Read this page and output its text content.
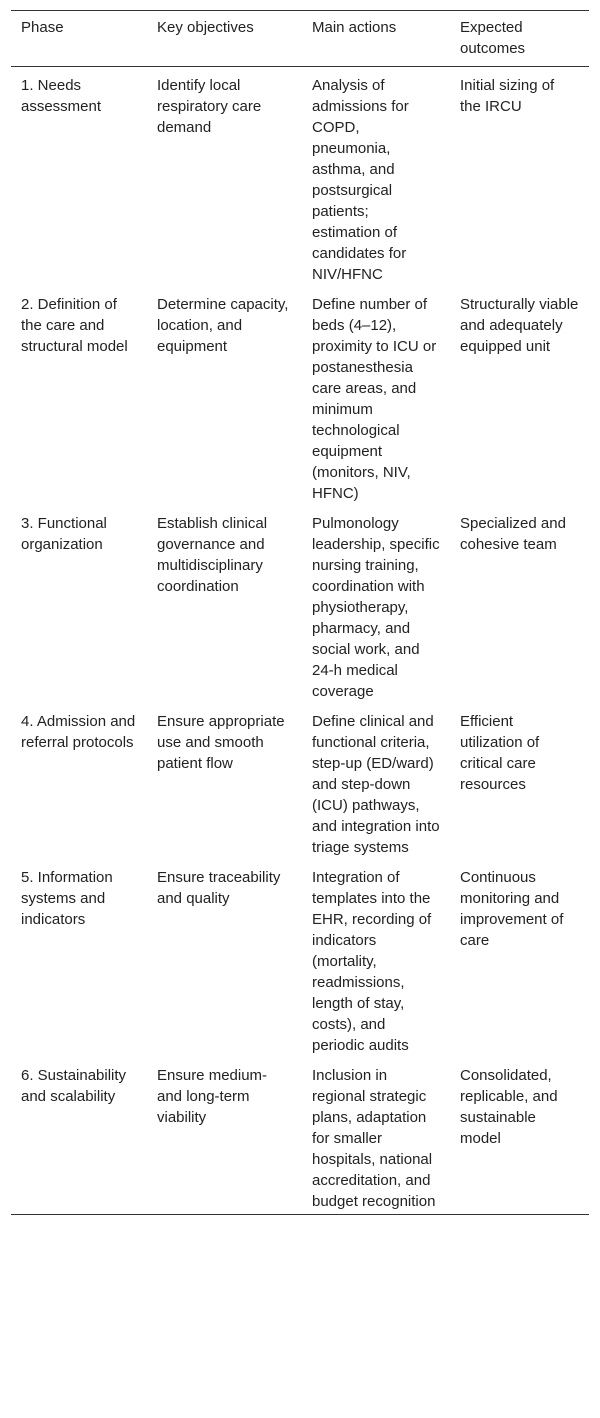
Phase	Key objectives	Main actions	Expected outcomes
1. Needs assessment	Identify local respiratory care demand	Analysis of admissions for COPD, pneumonia, asthma, and postsurgical patients; estimation of candidates for NIV/HFNC	Initial sizing of the IRCU
2. Definition of the care and structural model	Determine capacity, location, and equipment	Define number of beds (4–12), proximity to ICU or postanesthesia care areas, and minimum technological equipment (monitors, NIV, HFNC)	Structurally viable and adequately equipped unit
3. Functional organization	Establish clinical governance and multidisciplinary coordination	Pulmonology leadership, specific nursing training, coordination with physiotherapy, pharmacy, and social work, and 24-h medical coverage	Specialized and cohesive team
4. Admission and referral protocols	Ensure appropriate use and smooth patient flow	Define clinical and functional criteria, step-up (ED/ward) and step-down (ICU) pathways, and integration into triage systems	Efficient utilization of critical care resources
5. Information systems and indicators	Ensure traceability and quality	Integration of templates into the EHR, recording of indicators (mortality, readmissions, length of stay, costs), and periodic audits	Continuous monitoring and improvement of care
6. Sustainability and scalability	Ensure medium- and long-term viability	Inclusion in regional strategic plans, adaptation for smaller hospitals, national accreditation, and budget recognition	Consolidated, replicable, and sustainable model
